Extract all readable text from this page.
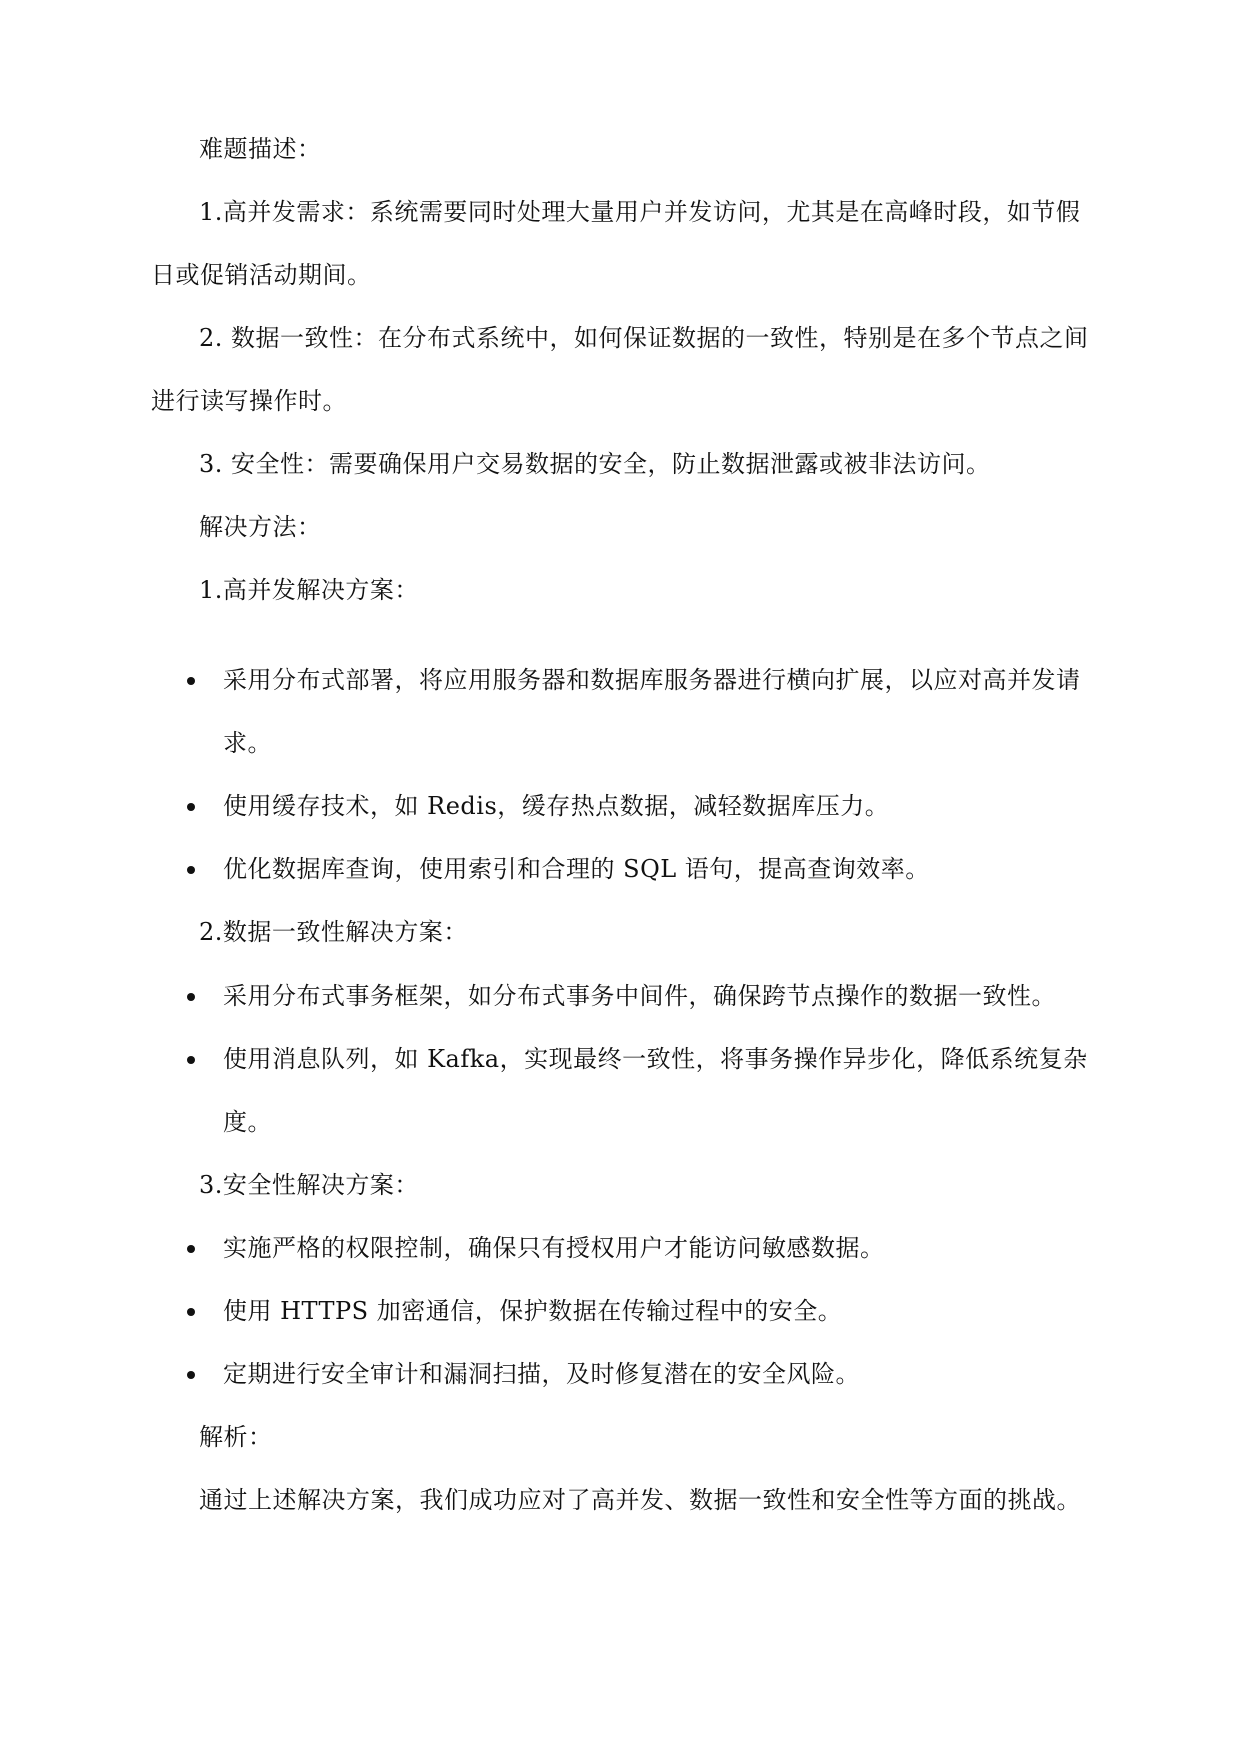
难题描述：
1.高并发需求：系统需要同时处理大量用户并发访问，尤其是在高峰时段，如节假
日或促销活动期间。
2. 数据一致性：在分布式系统中，如何保证数据的一致性，特别是在多个节点之间
进行读写操作时。
3. 安全性：需要确保用户交易数据的安全，防止数据泄露或被非法访问。
解决方法：
1.高并发解决方案：
采用分布式部署，将应用服务器和数据库服务器进行横向扩展，以应对高并发请
求。
使用缓存技术，如 Redis，缓存热点数据，减轻数据库压力。
优化数据库查询，使用索引和合理的 SQL 语句，提高查询效率。
2.数据一致性解决方案：
采用分布式事务框架，如分布式事务中间件，确保跨节点操作的数据一致性。
使用消息队列，如 Kafka，实现最终一致性，将事务操作异步化，降低系统复杂
度。
3.安全性解决方案：
实施严格的权限控制，确保只有授权用户才能访问敏感数据。
使用 HTTPS 加密通信，保护数据在传输过程中的安全。
定期进行安全审计和漏洞扫描，及时修复潜在的安全风险。
解析：
通过上述解决方案，我们成功应对了高并发、数据一致性和安全性等方面的挑战。
